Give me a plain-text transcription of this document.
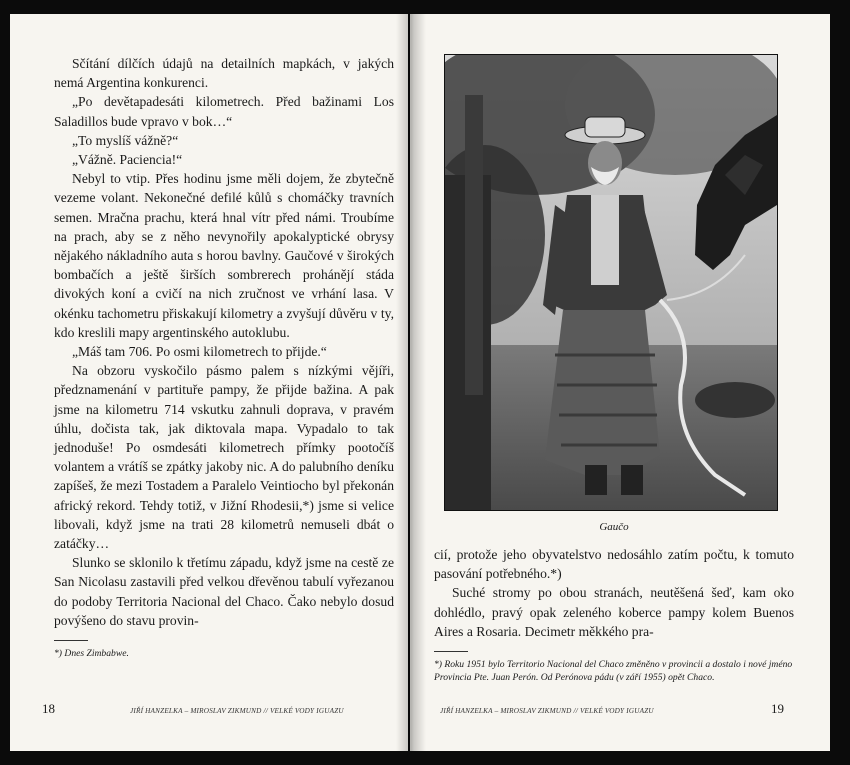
Sčítání dílčích údajů na detailních mapkách, v jakých nemá Argentina konkurenci.

„Po devětapadesáti kilometrech. Před bažinami Los Saladillos bude vpravo v bok…“

„To myslíš vážně?“

„Vážně. Paciencia!“

Nebyl to vtip. Přes hodinu jsme měli dojem, že zbytečně vezeme volant. Nekonečné defilé kůlů s chomáčky travních semen. Mračna prachu, která hnal vítr před námi. Troubíme na prach, aby se z něho nevynořily apokalyptické obrysy nějakého nákladního auta s horou bavlny. Gaučové v širokých bombačích a ještě širších sombrerech prohánějí stáda divokých koní a cvičí na nich zručnost ve vrhání lasa. V okénku tachometru přiskakují kilometry a zvyšují důvěru v ty, kdo kreslili mapy argentinského autoklubu.

„Máš tam 706. Po osmi kilometrech to přijde.“

Na obzoru vyskočilo pásmo palem s nízkými vějíři, předznamenání v partituře pampy, že přijde bažina. A pak jsme na kilometru 714 vskutku zahnuli doprava, v pravém úhlu, dočista tak, jak diktovala mapa. Vypadalo to tak jednoduše! Po osmdesáti kilometrech přímky pootočíš volantem a vrátíš se zpátky jakoby nic. A do palubního deníku zapíšeš, že mezi Tostadem a Paralelo Veintiocho byl překonán africký rekord. Tehdy totiž, v Jižní Rhodesii,*) jsme si velice libovali, když jsme na trati 28 kilometrů nemuseli dbát o zatáčky…

Slunko se sklonilo k třetímu západu, když jsme na cestě ze San Nicolasu zastavili před velkou dřevěnou tabulí vyřezanou do podoby Territoria Nacional del Chaco. Čako nebylo dosud povýšeno do stavu provin-

*) Dnes Zimbabwe.
18	JIŘÍ HANZELKA – MIROSLAV ZIKMUND // VELKÉ VODY IGUAZU
Gaučo

cií, protože jeho obyvatelstvo nedosáhlo zatím počtu, k tomuto pasování potřebného.*)

Suché stromy po obou stranách, neutěšená šeď, kam oko dohlédlo, pravý opak zeleného koberce pampy kolem Buenos Aires a Rosaria. Decimetr měkkého pra-

*) Roku 1951 bylo Territorio Nacional del Chaco změněno v provincii a dostalo i nové jméno Provincia Pte. Juan Perón. Od Perónova pádu (v září 1955) opět Chaco.
JIŘÍ HANZELKA – MIROSLAV ZIKMUND // VELKÉ VODY IGUAZU	19
